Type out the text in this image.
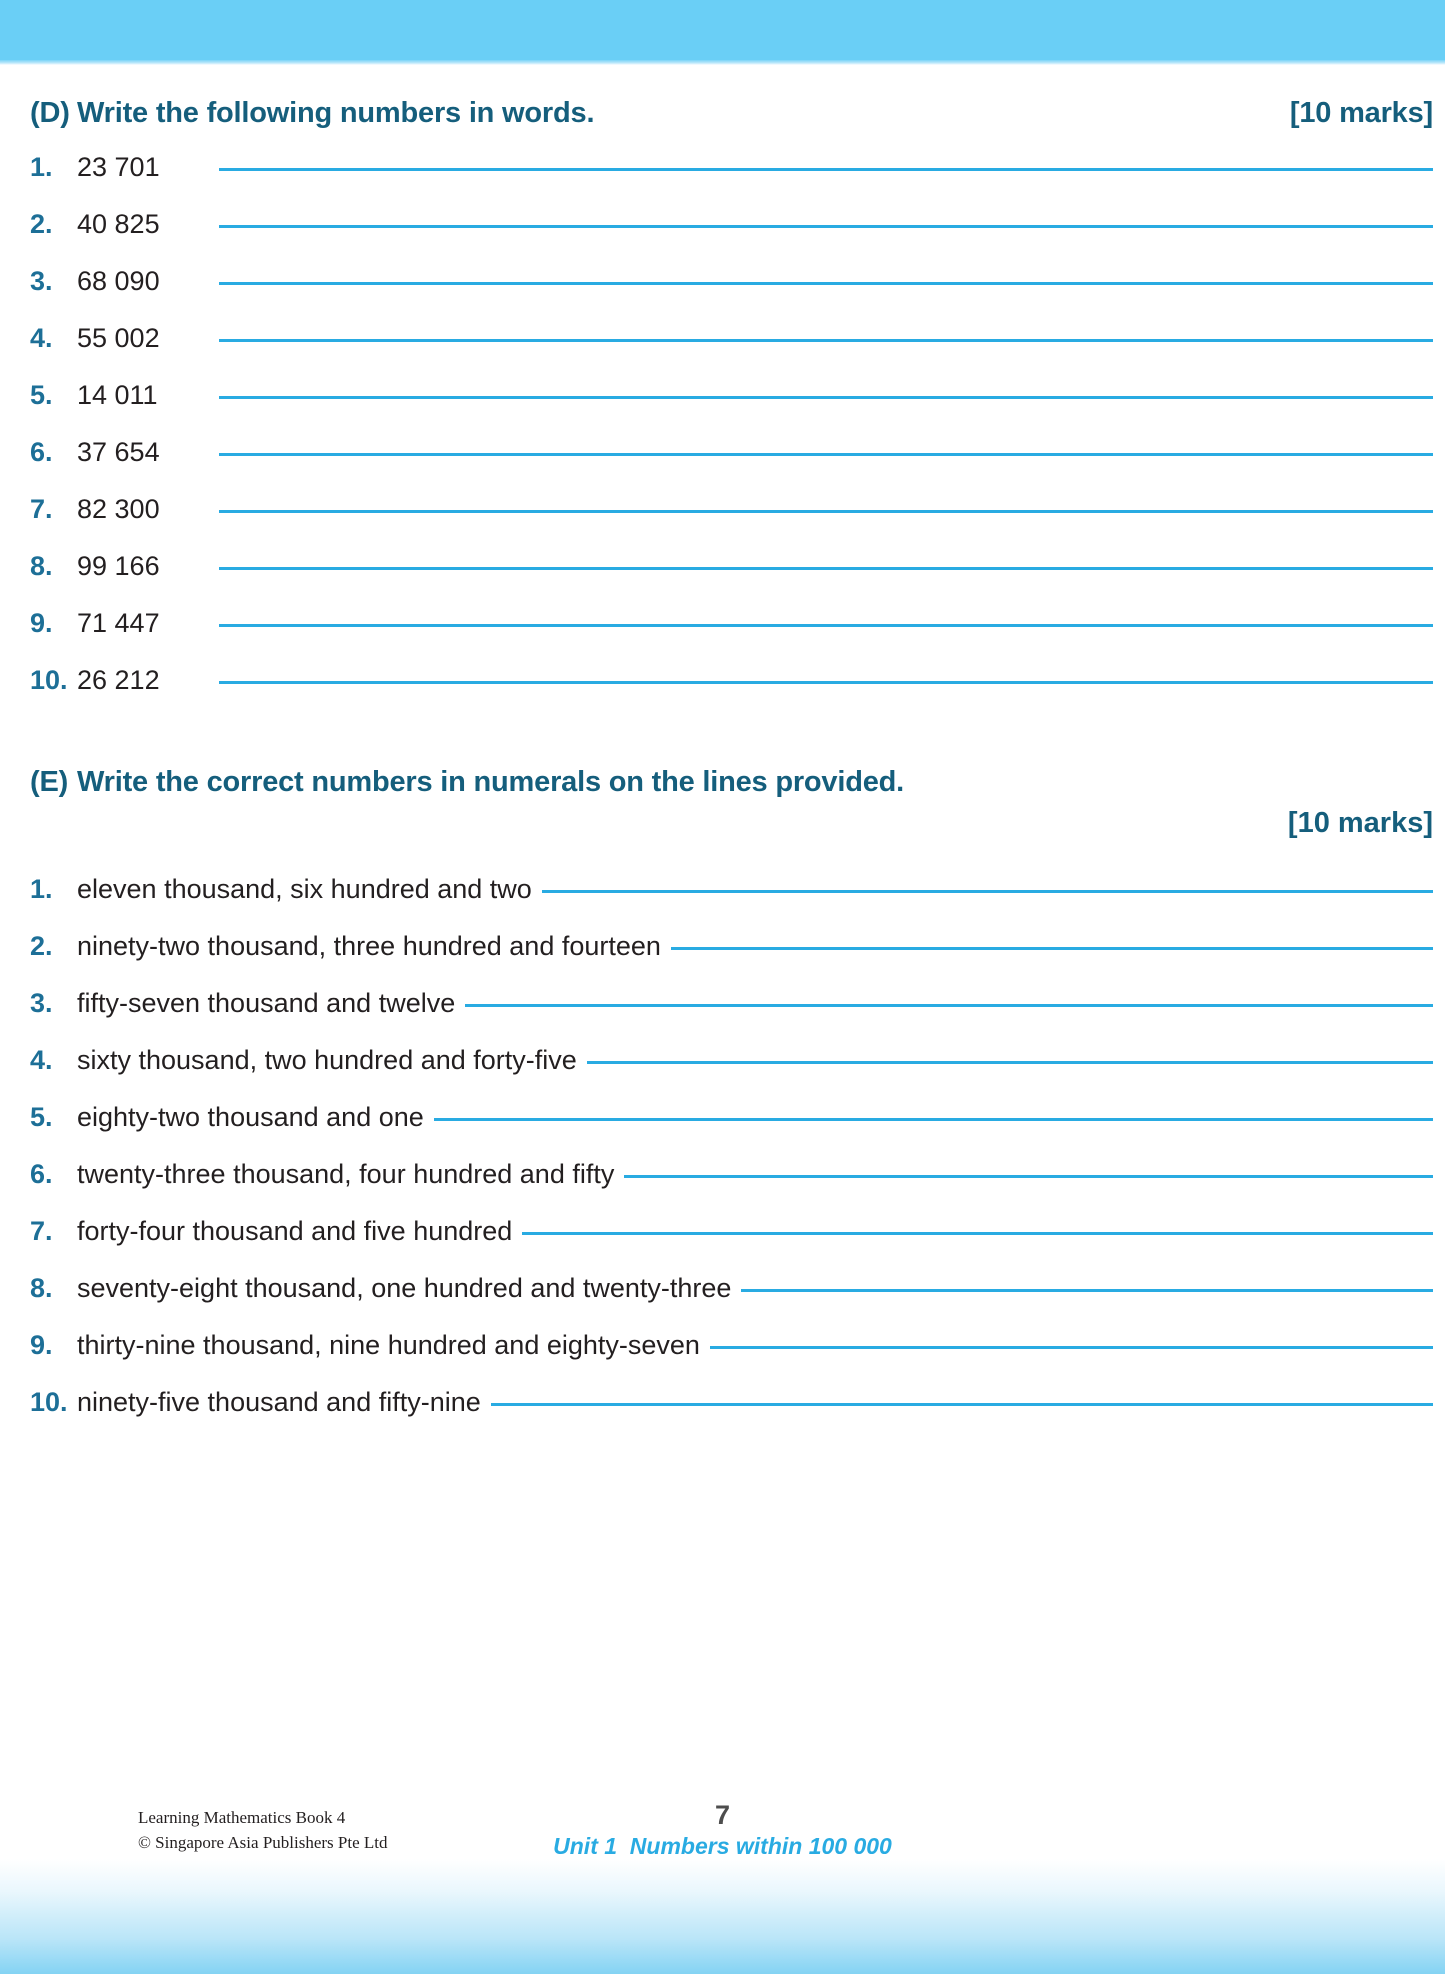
(D) Write the following numbers in words.	[10 marks]
1. 23 701
2. 40 825
3. 68 090
4. 55 002
5. 14 011
6. 37 654
7. 82 300
8. 99 166
9. 71 447
10. 26 212
(E) Write the correct numbers in numerals on the lines provided.
[10 marks]
1. eleven thousand, six hundred and two
2. ninety-two thousand, three hundred and fourteen
3. fifty-seven thousand and twelve
4. sixty thousand, two hundred and forty-five
5. eighty-two thousand and one
6. twenty-three thousand, four hundred and fifty
7. forty-four thousand and five hundred
8. seventy-eight thousand, one hundred and twenty-three
9. thirty-nine thousand, nine hundred and eighty-seven
10. ninety-five thousand and fifty-nine
Learning Mathematics Book 4
© Singapore Asia Publishers Pte Ltd
7
Unit 1  Numbers within 100 000
